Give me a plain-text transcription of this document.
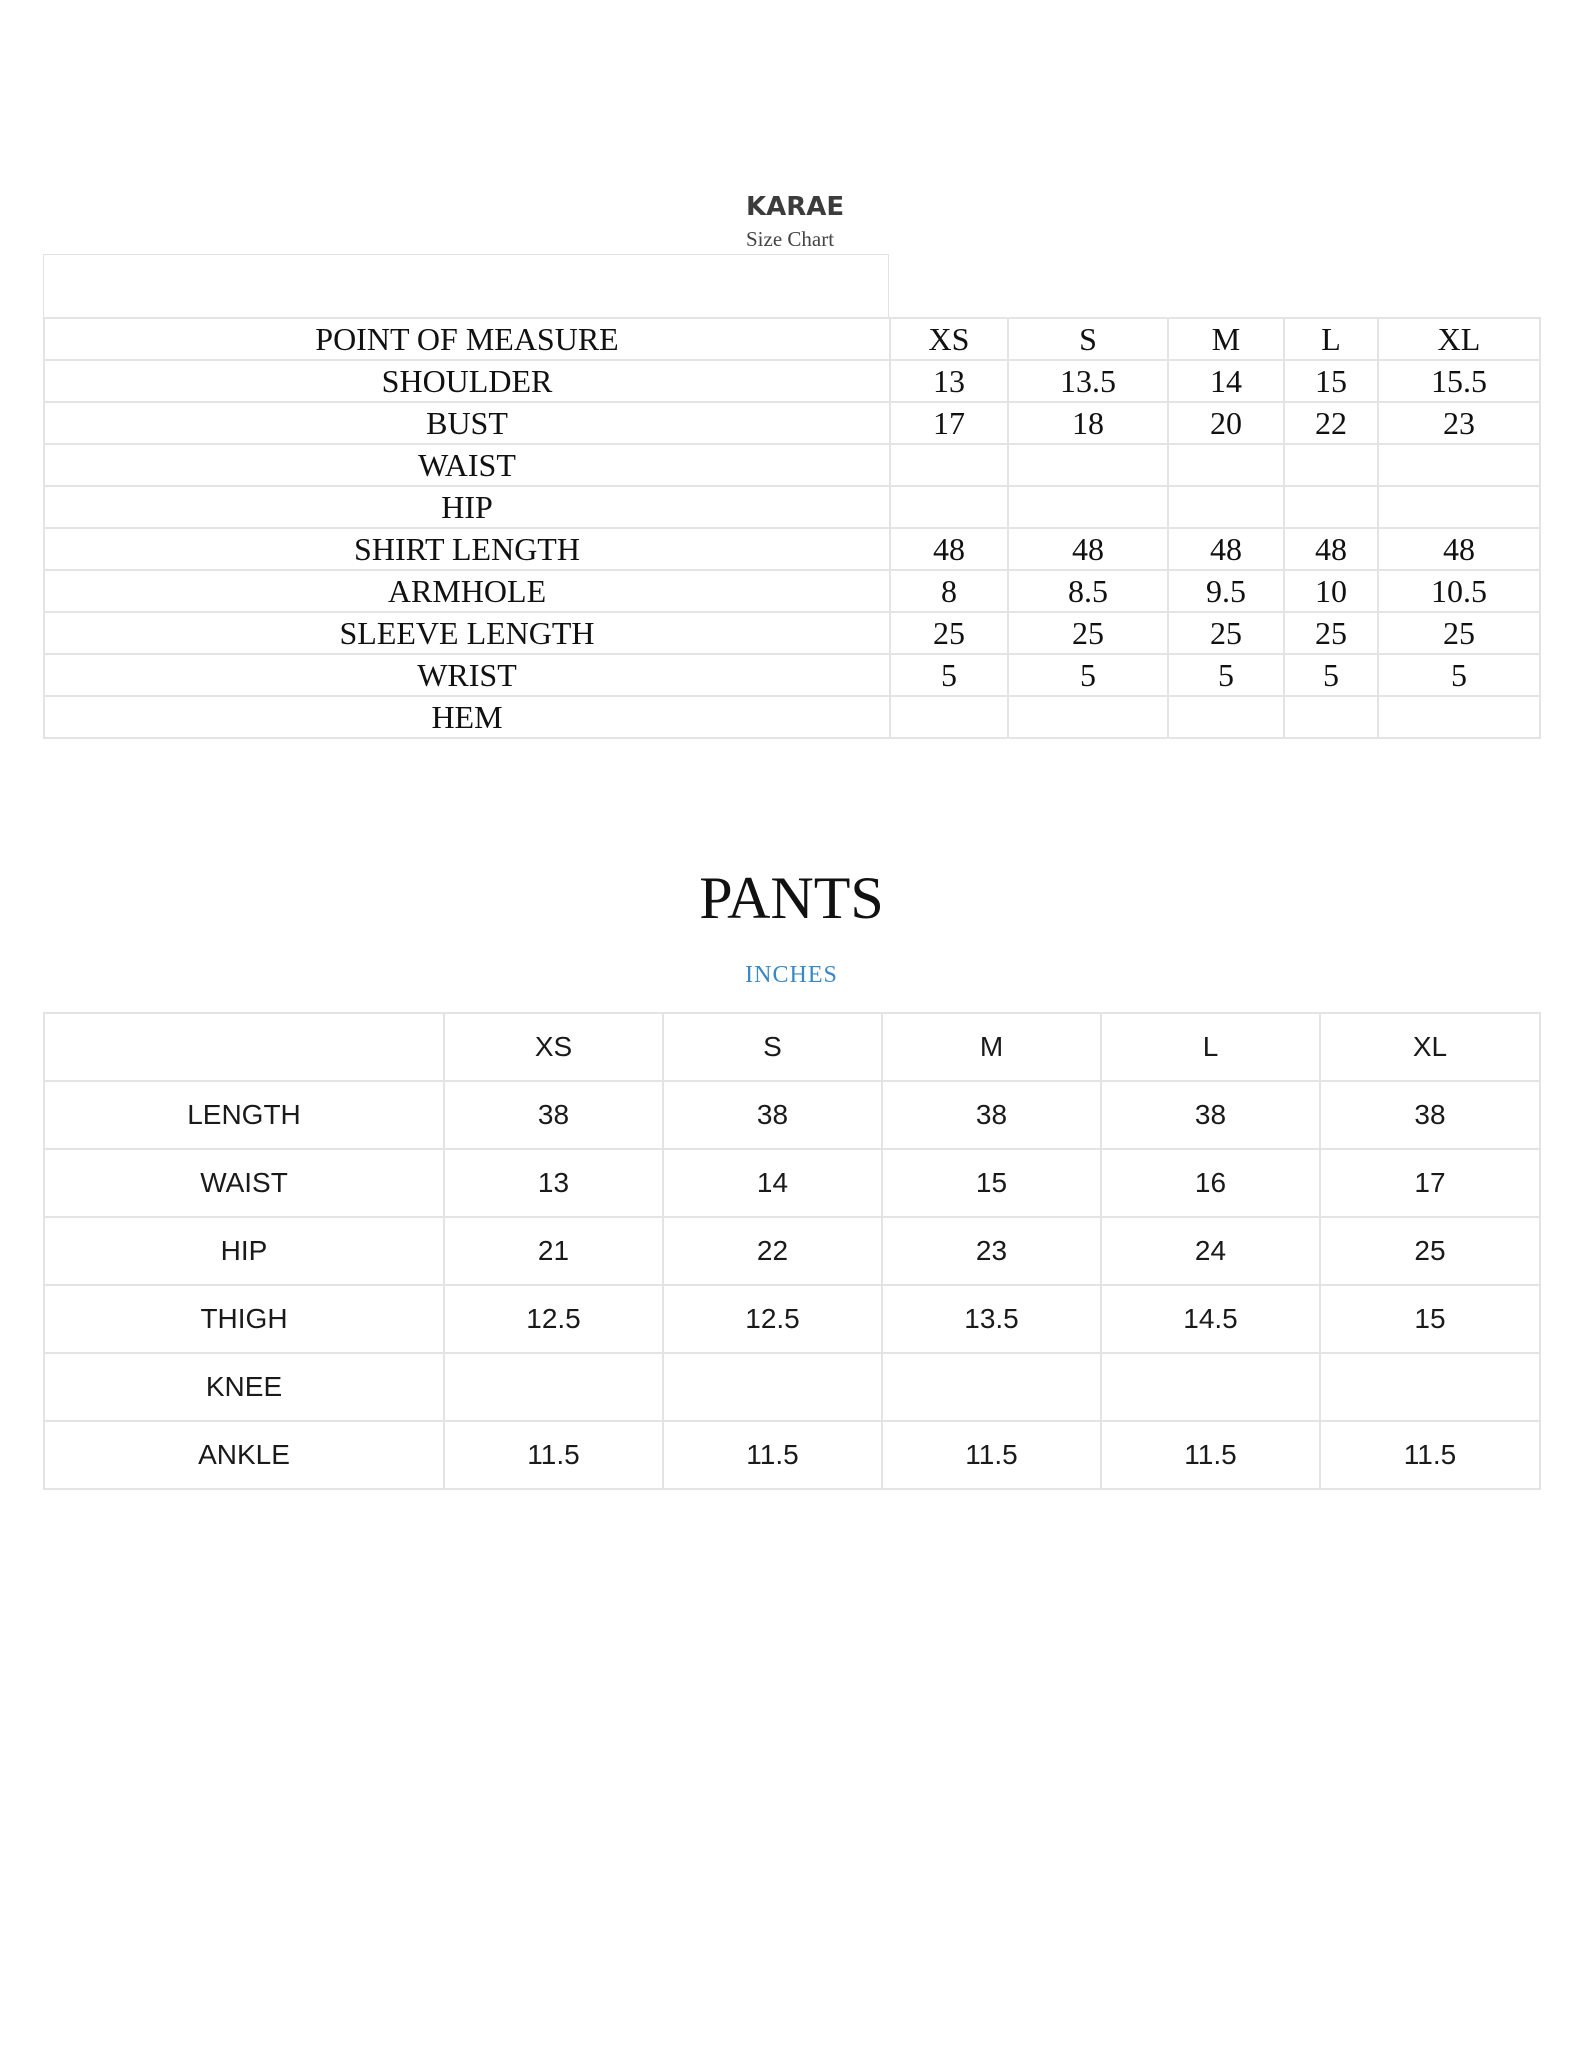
KARAE
Size Chart
POINT OF MEASURE	XS	S	M	L	XL
SHOULDER	13	13.5	14	15	15.5
BUST	17	18	20	22	23
WAIST					
HIP					
SHIRT LENGTH	48	48	48	48	48
ARMHOLE	8	8.5	9.5	10	10.5
SLEEVE LENGTH	25	25	25	25	25
WRIST	5	5	5	5	5
HEM					
PANTS
INCHES
	XS	S	M	L	XL
LENGTH	38	38	38	38	38
WAIST	13	14	15	16	17
HIP	21	22	23	24	25
THIGH	12.5	12.5	13.5	14.5	15
KNEE					
ANKLE	11.5	11.5	11.5	11.5	11.5
